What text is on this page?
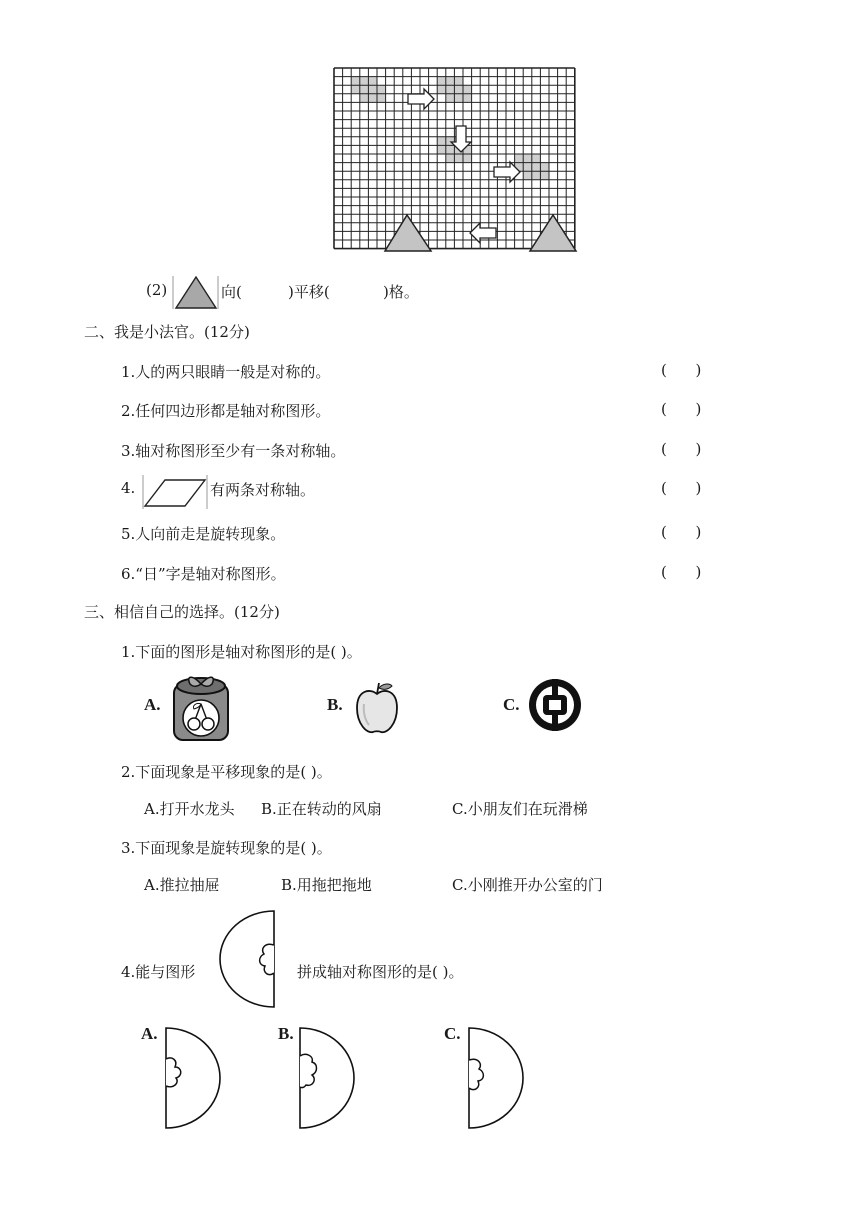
(2)	向(	)平移(	)格。
二、我是小法官。(12分)
1.人的两只眼睛一般是对称的。	(      )
2.任何四边形都是轴对称图形。	(      )
3.轴对称图形至少有一条对称轴。	(      )
4.	有两条对称轴。	(      )
5.人向前走是旋转现象。	(      )
6.“日”字是轴对称图形。	(      )
三、相信自己的选择。(12分)
1.下面的图形是轴对称图形的是( )。
A.	B.	C.
2.下面现象是平移现象的是( )。
A.打开水龙头 B.正在转动的风扇	C.小朋友们在玩滑梯
3.下面现象是旋转现象的是( )。
A.推拉抽屉	B.用拖把拖地	C.小刚推开办公室的门
4.能与图形	拼成轴对称图形的是( )。
A.	B.	C.
